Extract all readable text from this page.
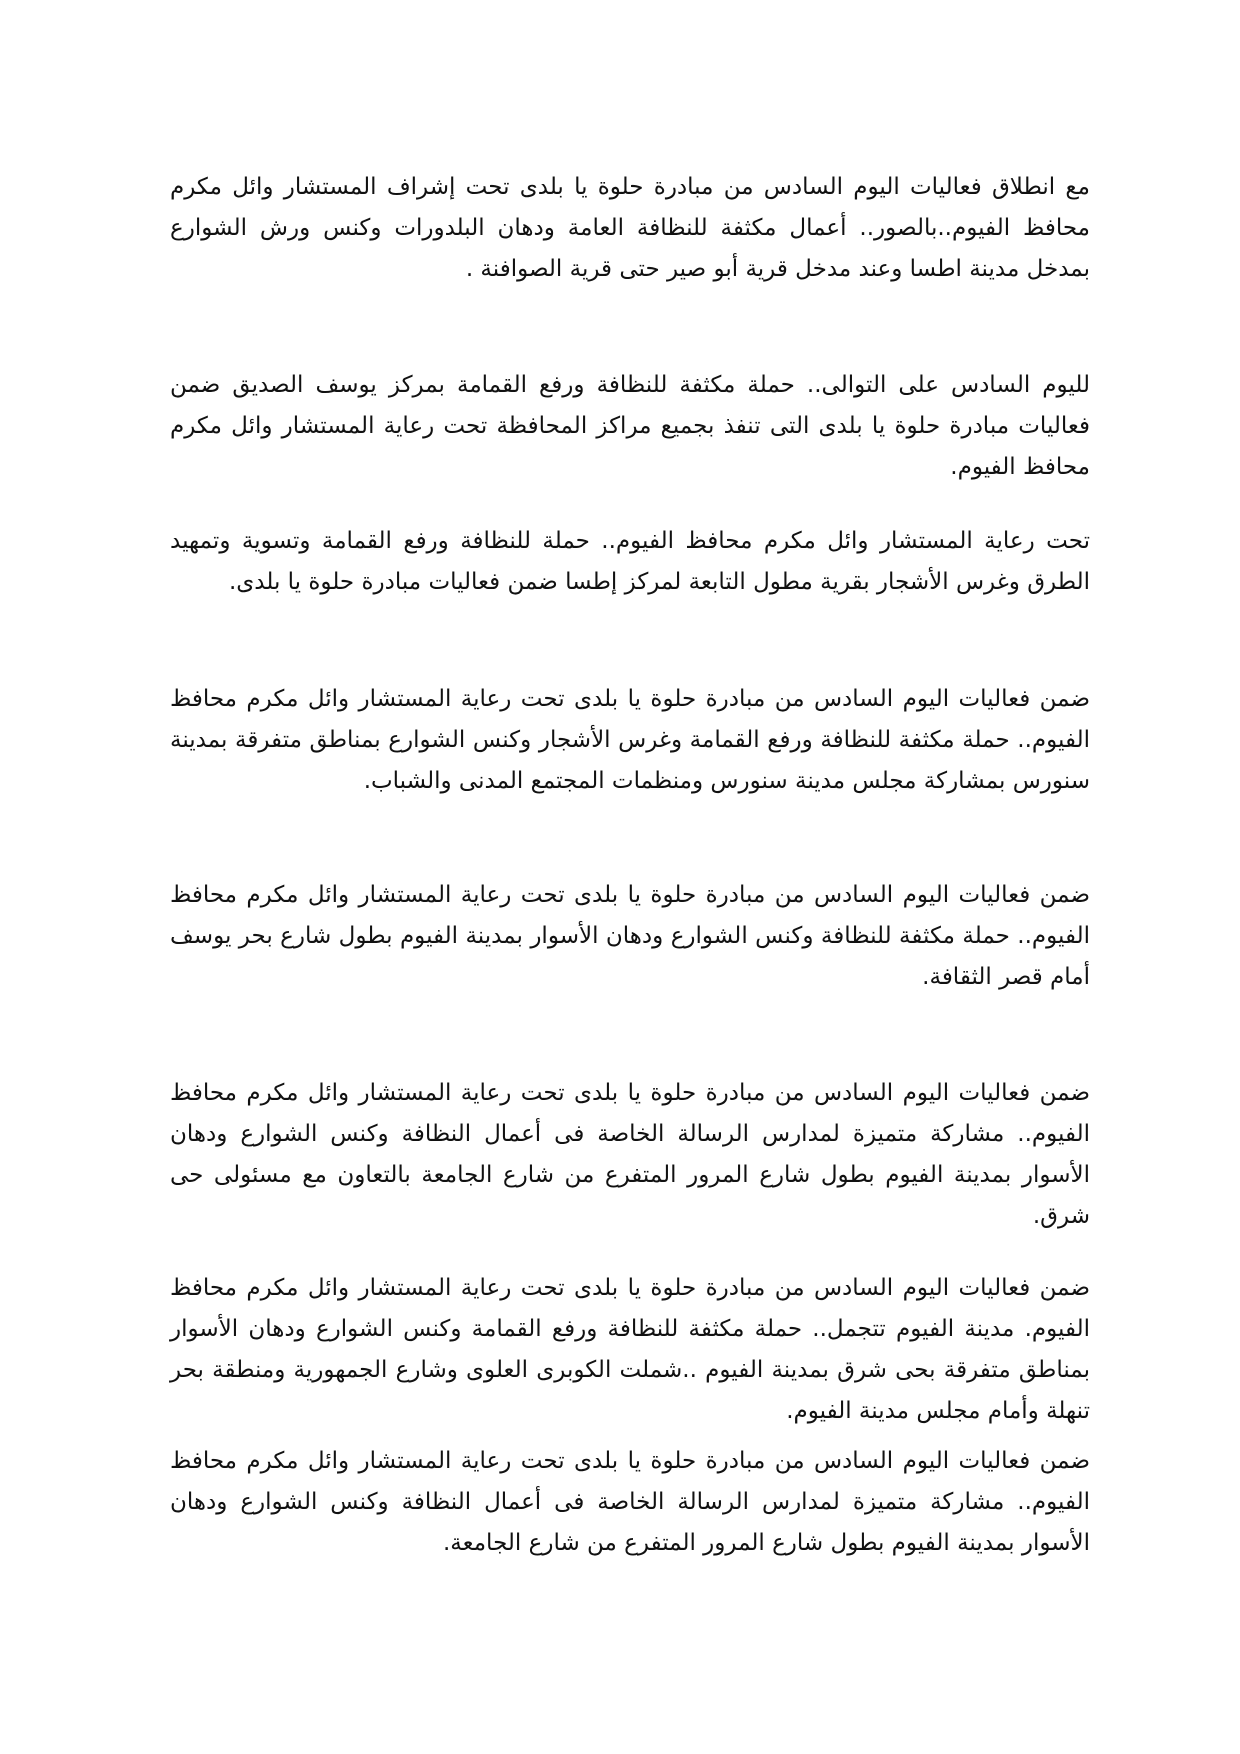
مع انطلاق فعاليات اليوم السادس من مبادرة حلوة يا بلدى تحت إشراف المستشار وائل مكرم محافظ الفيوم..بالصور.. أعمال مكثفة للنظافة العامة ودهان البلدورات وكنس ورش الشوارع بمدخل مدينة اطسا وعند مدخل قرية أبو صير حتى قرية الصوافنة .

لليوم السادس على التوالى.. حملة مكثفة للنظافة ورفع القمامة بمركز يوسف الصديق ضمن فعاليات مبادرة حلوة يا بلدى التى تنفذ بجميع مراكز المحافظة تحت رعاية المستشار وائل مكرم محافظ الفيوم.

تحت رعاية المستشار وائل مكرم محافظ الفيوم.. حملة للنظافة ورفع القمامة وتسوية وتمهيد الطرق وغرس الأشجار بقرية مطول التابعة لمركز إطسا ضمن فعاليات مبادرة حلوة يا بلدى.

ضمن فعاليات اليوم السادس من مبادرة حلوة يا بلدى تحت رعاية المستشار وائل مكرم محافظ الفيوم.. حملة مكثفة للنظافة ورفع القمامة وغرس الأشجار وكنس الشوارع بمناطق متفرقة بمدينة سنورس بمشاركة مجلس مدينة سنورس ومنظمات المجتمع المدنى والشباب.

ضمن فعاليات اليوم السادس من مبادرة حلوة يا بلدى تحت رعاية المستشار وائل مكرم محافظ الفيوم.. حملة مكثفة للنظافة وكنس الشوارع ودهان الأسوار بمدينة الفيوم بطول شارع بحر يوسف أمام قصر الثقافة.

ضمن فعاليات اليوم السادس من مبادرة حلوة يا بلدى تحت رعاية المستشار وائل مكرم محافظ الفيوم.. مشاركة متميزة لمدارس الرسالة الخاصة فى أعمال النظافة وكنس الشوارع ودهان الأسوار بمدينة الفيوم بطول شارع المرور المتفرع من شارع الجامعة بالتعاون مع مسئولى حى شرق.

ضمن فعاليات اليوم السادس من مبادرة حلوة يا بلدى تحت رعاية المستشار وائل مكرم محافظ الفيوم. مدينة الفيوم تتجمل.. حملة مكثفة للنظافة ورفع القمامة وكنس الشوارع ودهان الأسوار بمناطق متفرقة بحى شرق بمدينة الفيوم ..شملت الكوبرى العلوى وشارع الجمهورية ومنطقة بحر تنهلة وأمام مجلس مدينة الفيوم.

ضمن فعاليات اليوم السادس من مبادرة حلوة يا بلدى تحت رعاية المستشار وائل مكرم محافظ الفيوم.. مشاركة متميزة لمدارس الرسالة الخاصة فى أعمال النظافة وكنس الشوارع ودهان الأسوار بمدينة الفيوم بطول شارع المرور المتفرع من شارع الجامعة.
